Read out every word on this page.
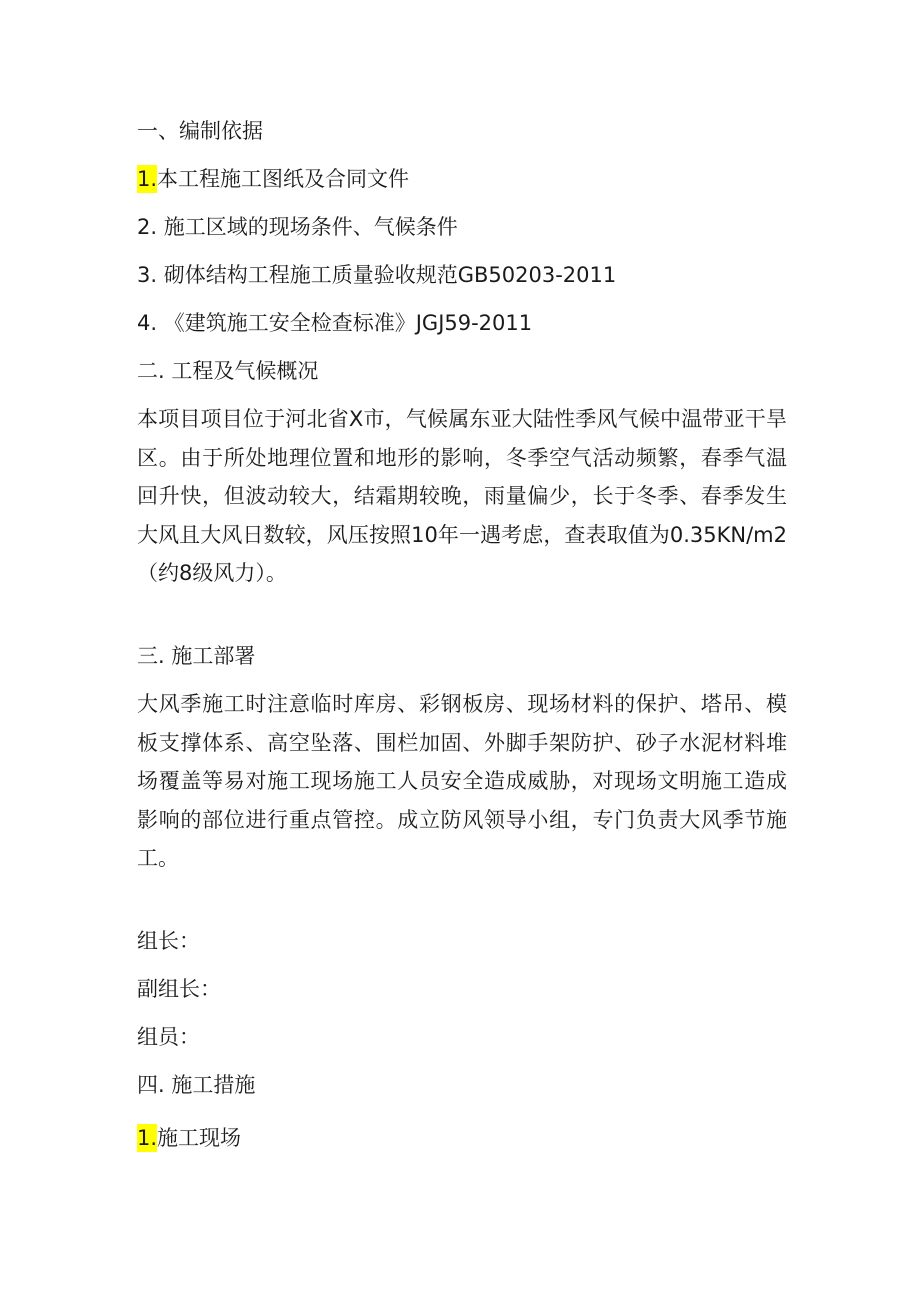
一、编制依据
1.本工程施工图纸及合同文件
2. 施工区域的现场条件、气候条件
3. 砌体结构工程施工质量验收规范GB50203-2011
4. 《建筑施工安全检查标准》JGJ59-2011
二. 工程及气候概况

本项目项目位于河北省X市，气候属东亚大陆性季风气候中温带亚干旱区。由于所处地理位置和地形的影响，冬季空气活动频繁，春季气温回升快，但波动较大，结霜期较晚，雨量偏少，长于冬季、春季发生大风且大风日数较，风压按照10年一遇考虑，查表取值为0.35KN/m2（约8级风力）。

三. 施工部署

大风季施工时注意临时库房、彩钢板房、现场材料的保护、塔吊、模板支撑体系、高空坠落、围栏加固、外脚手架防护、砂子水泥材料堆场覆盖等易对施工现场施工人员安全造成威胁，对现场文明施工造成影响的部位进行重点管控。成立防风领导小组，专门负责大风季节施工。

组长：
副组长：
组员：
四. 施工措施
1.施工现场
